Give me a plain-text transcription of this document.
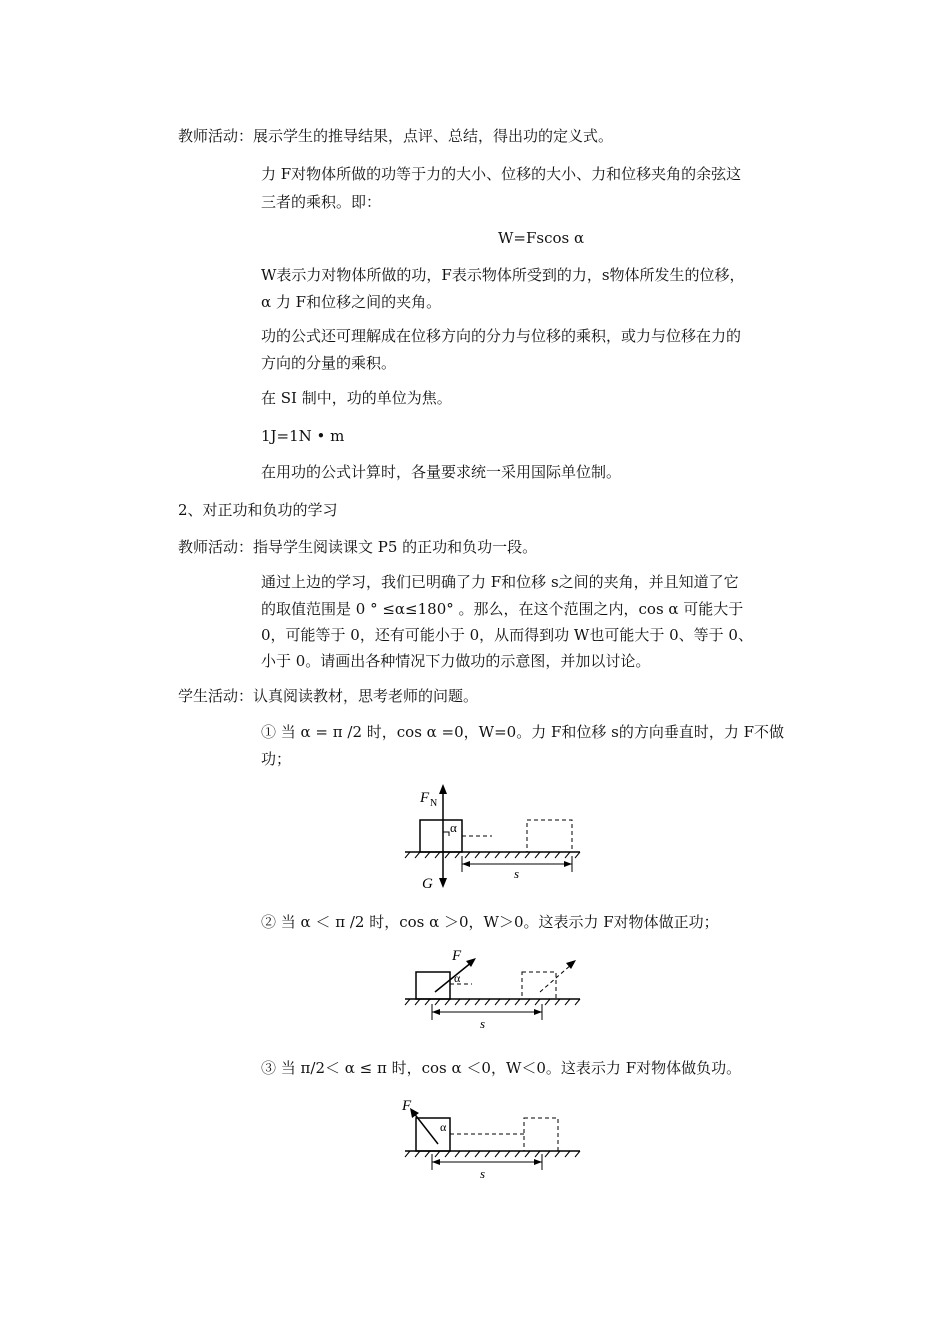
教师活动：展示学生的推导结果，点评、总结，得出功的定义式。
力 F对物体所做的功等于力的大小、位移的大小、力和位移夹角的余弦这
三者的乘积。即：
W=Fscos α
W表示力对物体所做的功，F表示物体所受到的力，s物体所发生的位移，
α 力 F和位移之间的夹角。
功的公式还可理解成在位移方向的分力与位移的乘积，或力与位移在力的
方向的分量的乘积。
在 SI 制中，功的单位为焦。
1J=1N • m
在用功的公式计算时，各量要求统一采用国际单位制。
2、对正功和负功的学习
教师活动：指导学生阅读课文 P5 的正功和负功一段。
通过上边的学习，我们已明确了力 F和位移 s之间的夹角，并且知道了它
的取值范围是 0 ° ≤α≤180° 。那么，在这个范围之内，cos α 可能大于
0，可能等于 0，还有可能小于 0，从而得到功 W也可能大于 0、等于 0、
小于 0。请画出各种情况下力做功的示意图，并加以讨论。
学生活动：认真阅读教材，思考老师的问题。
① 当 α = π /2 时，cos α =0，W=0。力 F和位移 s的方向垂直时，力 F不做
功；
② 当 α ＜ π /2 时，cos α ＞0，W＞0。这表示力 F对物体做正功；
③ 当 π/2＜ α ≤ π 时，cos α ＜0，W＜0。这表示力 F对物体做负功。
F N
G
α
s
F
α
s
F
α
s
